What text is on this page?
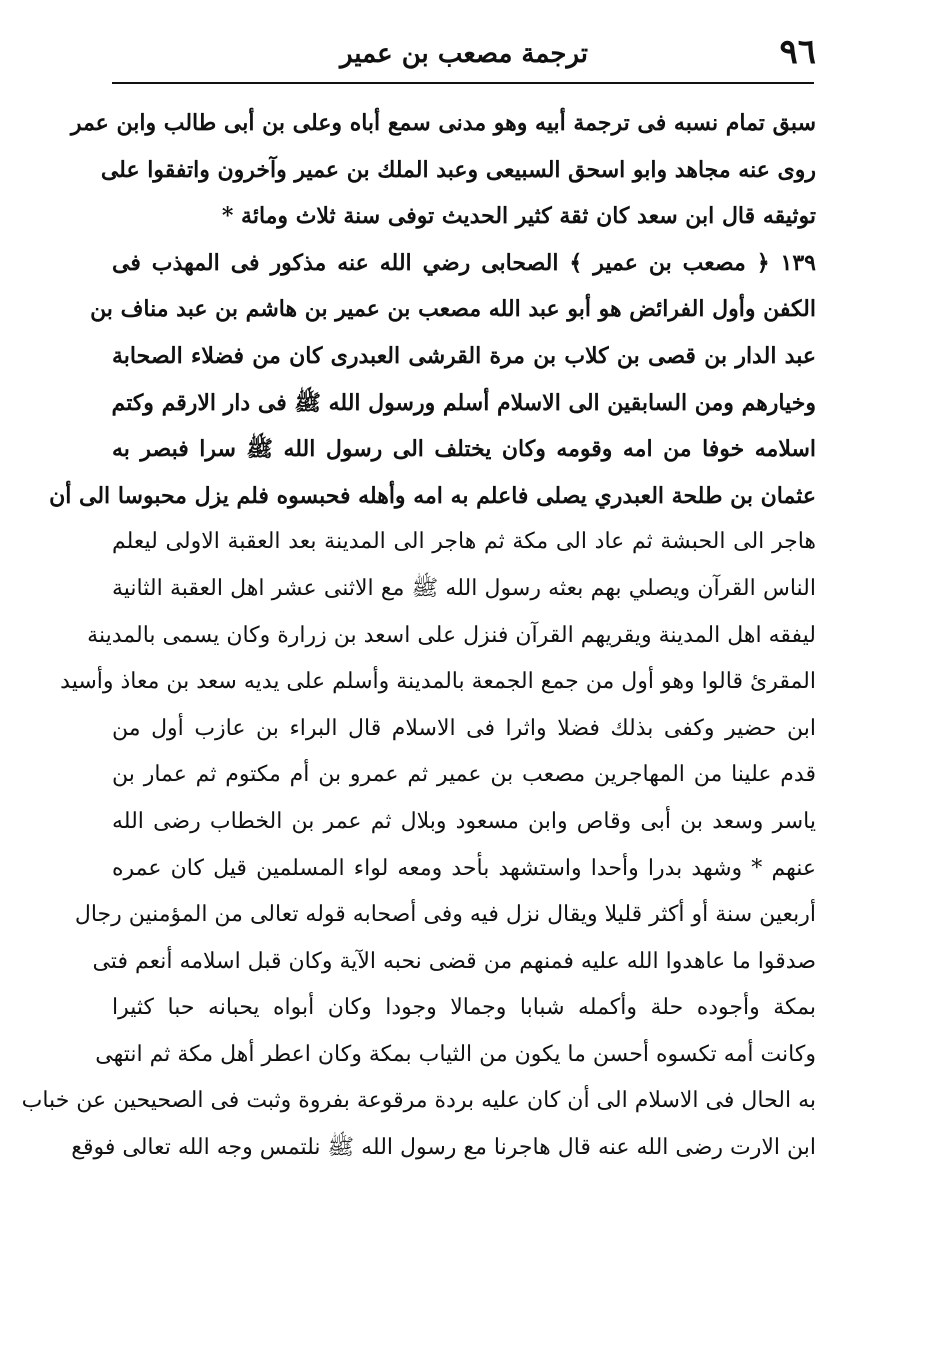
٩٦
ترجمة مصعب بن عمير
سبق تمام نسبه فى ترجمة أبيه وهو مدنى سمع أباه وعلى بن أبى طالب وابن عمر
روى عنه مجاهد وابو اسحق السبيعى وعبد الملك بن عمير وآخرون واتفقوا على
توثيقه قال ابن سعد كان ثقة كثير الحديث توفى سنة ثلاث ومائة *
١٣٩ ﴿ مصعب بن عمير ﴾ الصحابى رضي الله عنه مذكور فى المهذب فى
الكفن وأول الفرائض هو أبو عبد الله مصعب بن عمير بن هاشم بن عبد مناف بن
عبد الدار بن قصى بن كلاب بن مرة القرشى العبدرى كان من فضلاء الصحابة
وخيارهم ومن السابقين الى الاسلام أسلم ورسول الله ﷺ فى دار الارقم وكتم
اسلامه خوفا من امه وقومه وكان يختلف الى رسول الله ﷺ سرا فبصر به
عثمان بن طلحة العبدري يصلى فاعلم به امه وأهله فحبسوه فلم يزل محبوسا الى أن
هاجر الى الحبشة ثم عاد الى مكة ثم هاجر الى المدينة بعد العقبة الاولى ليعلم
الناس القرآن ويصلي بهم بعثه رسول الله ﷺ مع الاثنى عشر اهل العقبة الثانية
ليفقه اهل المدينة ويقريهم القرآن فنزل على اسعد بن زرارة وكان يسمى بالمدينة
المقرئ قالوا وهو أول من جمع الجمعة بالمدينة وأسلم على يديه سعد بن معاذ وأسيد
ابن حضير وكفى بذلك فضلا واثرا فى الاسلام قال البراء بن عازب أول من
قدم علينا من المهاجرين مصعب بن عمير ثم عمرو بن أم مكتوم ثم عمار بن
ياسر وسعد بن أبى وقاص وابن مسعود وبلال ثم عمر بن الخطاب رضى الله
عنهم * وشهد بدرا وأحدا واستشهد بأحد ومعه لواء المسلمين قيل كان عمره
أربعين سنة أو أكثر قليلا ويقال نزل فيه وفى أصحابه قوله تعالى من المؤمنين رجال
صدقوا ما عاهدوا الله عليه فمنهم من قضى نحبه الآية وكان قبل اسلامه أنعم فتى
بمكة وأجوده حلة وأكمله شبابا وجمالا وجودا وكان أبواه يحبانه حبا كثيرا
وكانت أمه تكسوه أحسن ما يكون من الثياب بمكة وكان اعطر أهل مكة ثم انتهى
به الحال فى الاسلام الى أن كان عليه بردة مرقوعة بفروة وثبت فى الصحيحين عن خباب
ابن الارت رضى الله عنه قال هاجرنا مع رسول الله ﷺ نلتمس وجه الله تعالى فوقع
